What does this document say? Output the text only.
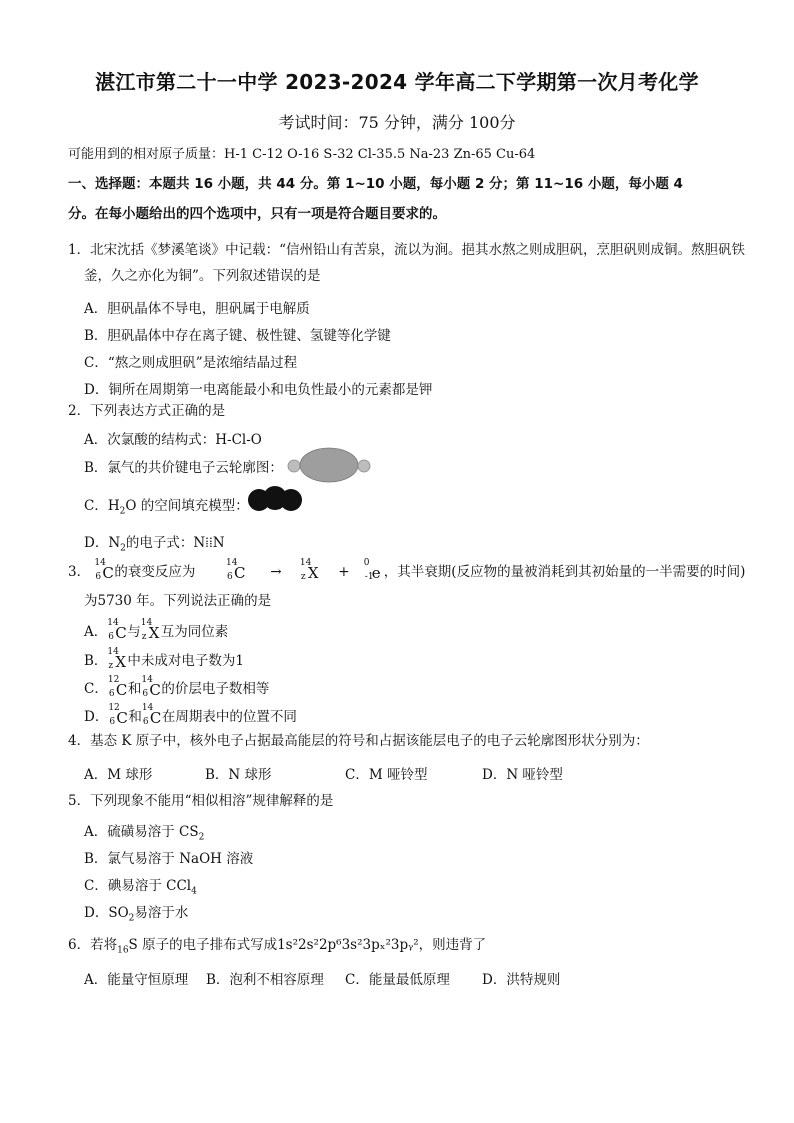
湛江市第二十一中学 2023-2024 学年高二下学期第一次月考化学
考试时间：75 分钟，满分 100分
可能用到的相对原子质量：H-1 C-12 O-16 S-32 Cl-35.5 Na-23 Zn-65 Cu-64
一、选择题：本题共 16 小题，共 44 分。第 1~10 小题，每小题 2 分；第 11~16 小题，每小题 4
分。在每小题给出的四个选项中，只有一项是符合题目要求的。
1．北宋沈括《梦溪笔谈》中记载：“信州铅山有苦泉，流以为涧。挹其水熬之则成胆矾，烹胆矾则成铜。熬胆矾铁
釜，久之亦化为铜”。下列叙述错误的是
A．胆矾晶体不导电，胆矾属于电解质
B．胆矾晶体中存在离子键、极性键、氢键等化学键
C．“熬之则成胆矾”是浓缩结晶过程
D．铜所在周期第一电离能最小和电负性最小的元素都是钾
2．下列表达方式正确的是
A．次氯酸的结构式：H-Cl-O
B．氯气的共价键电子云轮廓图：
C．$H_2O$ 的空间填充模型：
D．$N_2$的电子式：N⁞⁞N
3．
14
6 C 的衰变反应为
14
6 C →
14
z X +
0
-1
e ，其半衰期(反应物的量被消耗到其初始量的一半需要的时间)
为5730 年。下列说法正确的是
A．
14
6 C 与
14
z X 互为同位素
B．
14
z X 中未成对电子数为1
C．
12
6 C 和
14
6 C 的价层电子数相等
D．
12
6 C 和
14
6 C 在周期表中的位置不同
4．基态 K 原子中，核外电子占据最高能层的符号和占据该能层电子的电子云轮廓图形状分别为：
A．M 球形	B．N 球形	C．M 哑铃型	D．N 哑铃型
5．下列现象不能用“相似相溶”规律解释的是
A．硫磺易溶于 $CS_2$
B．氯气易溶于 NaOH 溶液
C．碘易溶于 CCl$_4$
D．$SO_2$易溶于水
6．若将$_{16}$S 原子的电子排布式写成1s²2s²2p⁶3s²3pₓ²3pᵧ²，则违背了
A．能量守恒原理 B．泡利不相容原理 C．能量最低原理 D．洪特规则
